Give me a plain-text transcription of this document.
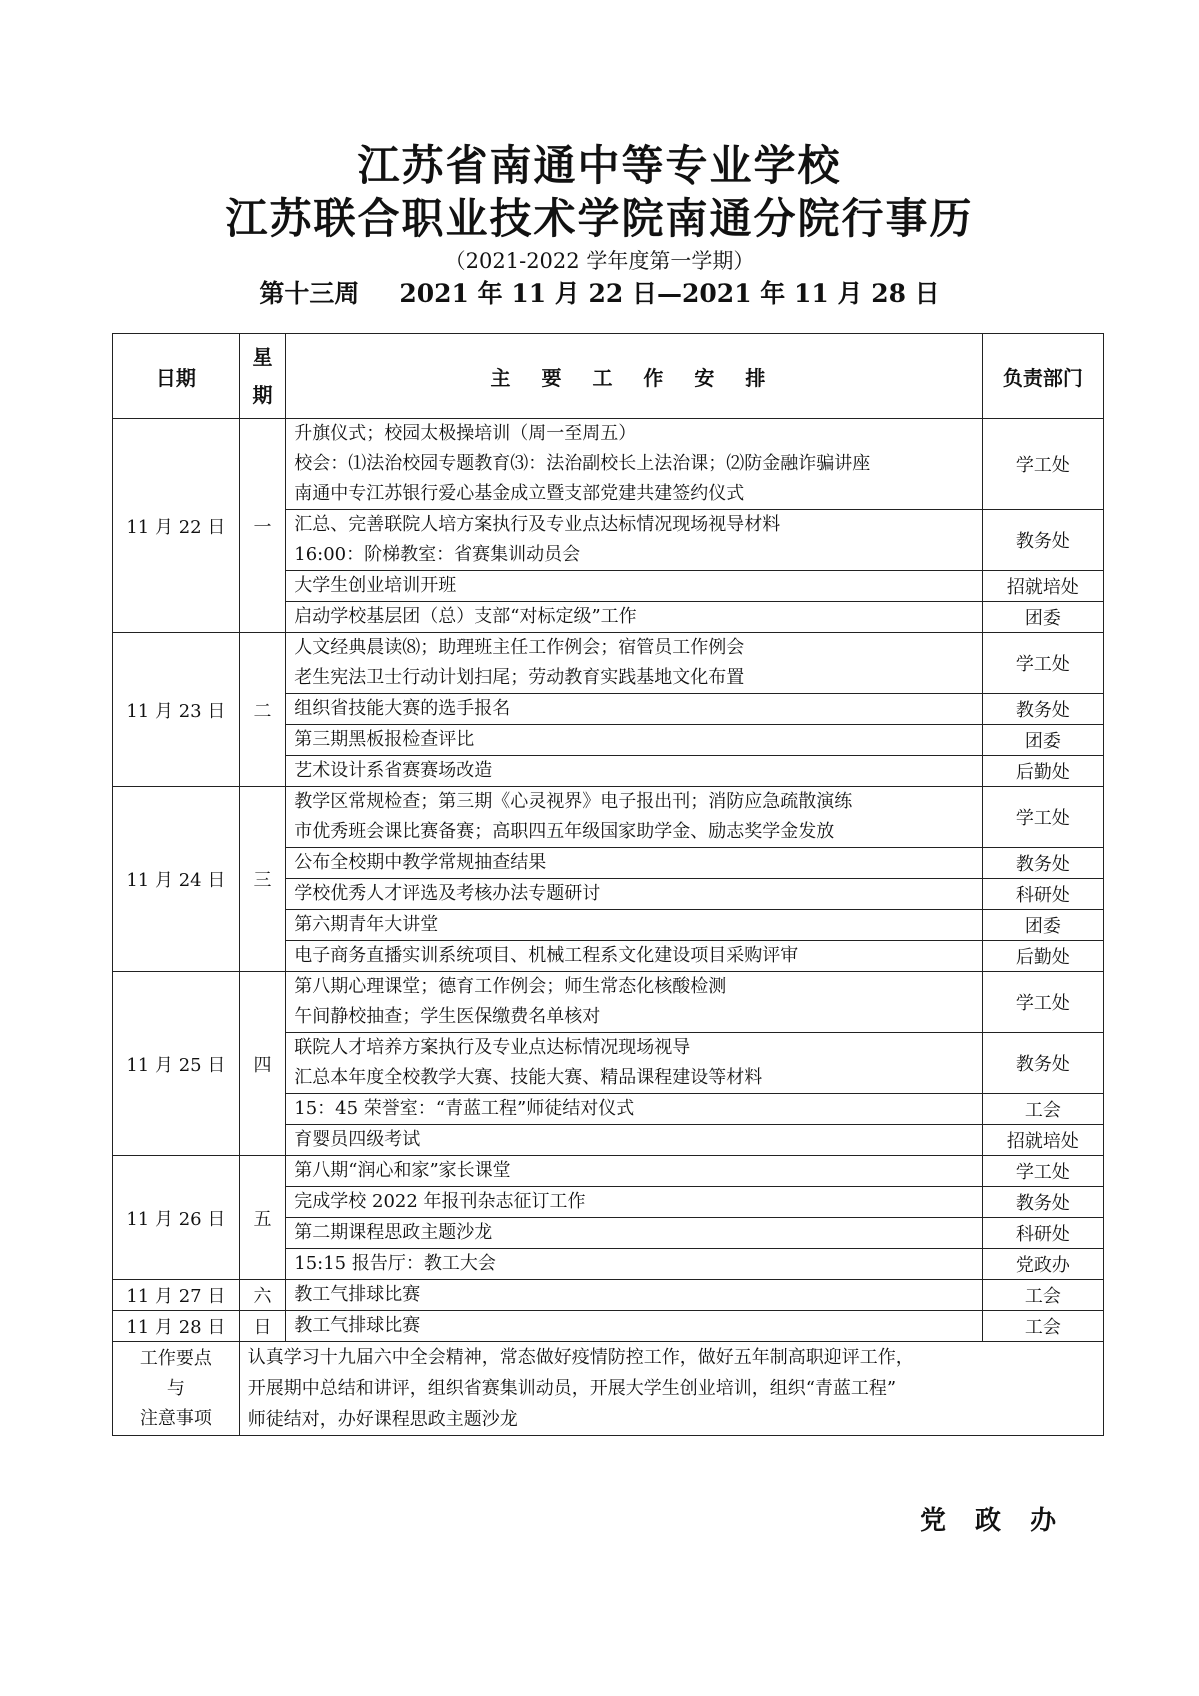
江苏省南通中等专业学校
江苏联合职业技术学院南通分院行事历
（2021-2022 学年度第一学期）
第十三周 2021 年 11 月 22 日—2021 年 11 月 28 日
日期	星
期	主 要 工 作 安 排	负责部门
11 月 22 日	一	升旗仪式；校园太极操培训（周一至周五）
校会：⑴法治校园专题教育⑶：法治副校长上法治课；⑵防金融诈骗讲座
南通中专江苏银行爱心基金成立暨支部党建共建签约仪式	学工处

		汇总、完善联院人培方案执行及专业点达标情况现场视导材料
16:00：阶梯教室：省赛集训动员会	教务处

		大学生创业培训开班	招就培处

		启动学校基层团（总）支部“对标定级”工作	团委
11 月 23 日	二	人文经典晨读⑻；助理班主任工作例会；宿管员工作例会
老生宪法卫士行动计划扫尾；劳动教育实践基地文化布置	学工处

		组织省技能大赛的选手报名	教务处

		第三期黑板报检查评比	团委

		艺术设计系省赛赛场改造	后勤处
11 月 24 日	三	教学区常规检查；第三期《心灵视界》电子报出刊；消防应急疏散演练
市优秀班会课比赛备赛；高职四五年级国家助学金、励志奖学金发放	学工处

		公布全校期中教学常规抽查结果	教务处

		学校优秀人才评选及考核办法专题研讨	科研处

		第六期青年大讲堂	团委

		电子商务直播实训系统项目、机械工程系文化建设项目采购评审	后勤处
11 月 25 日	四	第八期心理课堂；德育工作例会；师生常态化核酸检测
午间静校抽查；学生医保缴费名单核对	学工处

		联院人才培养方案执行及专业点达标情况现场视导
汇总本年度全校教学大赛、技能大赛、精品课程建设等材料	教务处

		15：45 荣誉室：“青蓝工程”师徒结对仪式	工会

		育婴员四级考试	招就培处
11 月 26 日	五	第八期“润心和家”家长课堂	学工处

		完成学校 2022 年报刊杂志征订工作	教务处

		第二期课程思政主题沙龙	科研处

		15:15 报告厅：教工大会	党政办
11 月 27 日	六	教工气排球比赛	工会
11 月 28 日	日	教工气排球比赛	工会

工作要点
与
注意事项	认真学习十九届六中全会精神，常态做好疫情防控工作，做好五年制高职迎评工作，
开展期中总结和讲评，组织省赛集训动员，开展大学生创业培训，组织“青蓝工程”
师徒结对，办好课程思政主题沙龙		
党 政 办
